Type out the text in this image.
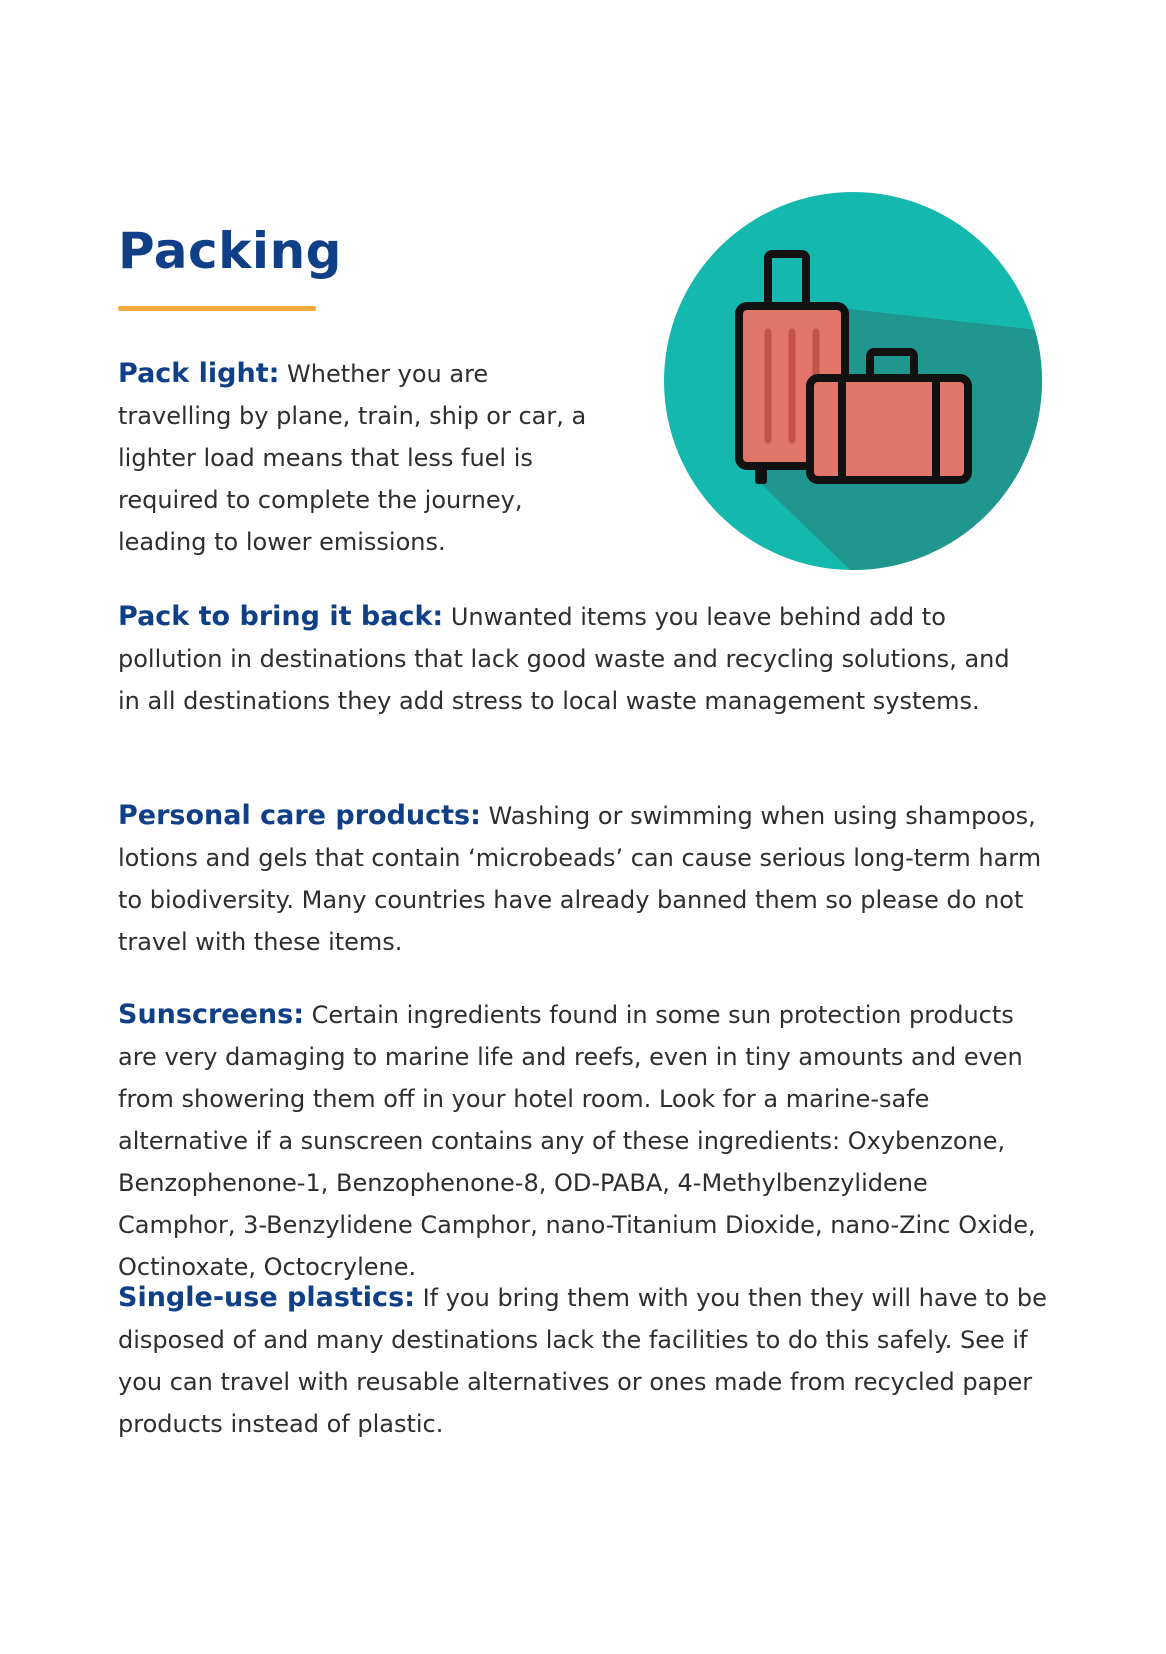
Packing

Pack light: Whether you are travelling by plane, train, ship or car, a lighter load means that less fuel is required to complete the journey, leading to lower emissions.

Pack to bring it back: Unwanted items you leave behind add to pollution in destinations that lack good waste and recycling solutions, and in all destinations they add stress to local waste management systems.

Personal care products: Washing or swimming when using shampoos, lotions and gels that contain ‘microbeads’ can cause serious long-term harm to biodiversity. Many countries have already banned them so please do not travel with these items.

Sunscreens: Certain ingredients found in some sun protection products are very damaging to marine life and reefs, even in tiny amounts and even from showering them off in your hotel room. Look for a marine-safe alternative if a sunscreen contains any of these ingredients: Oxybenzone, Benzophenone-1, Benzophenone-8, OD-PABA, 4-Methylbenzylidene Camphor, 3-Benzylidene Camphor, nano-Titanium Dioxide, nano-Zinc Oxide, Octinoxate, Octocrylene.

Single-use plastics: If you bring them with you then they will have to be disposed of and many destinations lack the facilities to do this safely. See if you can travel with reusable alternatives or ones made from recycled paper products instead of plastic.
